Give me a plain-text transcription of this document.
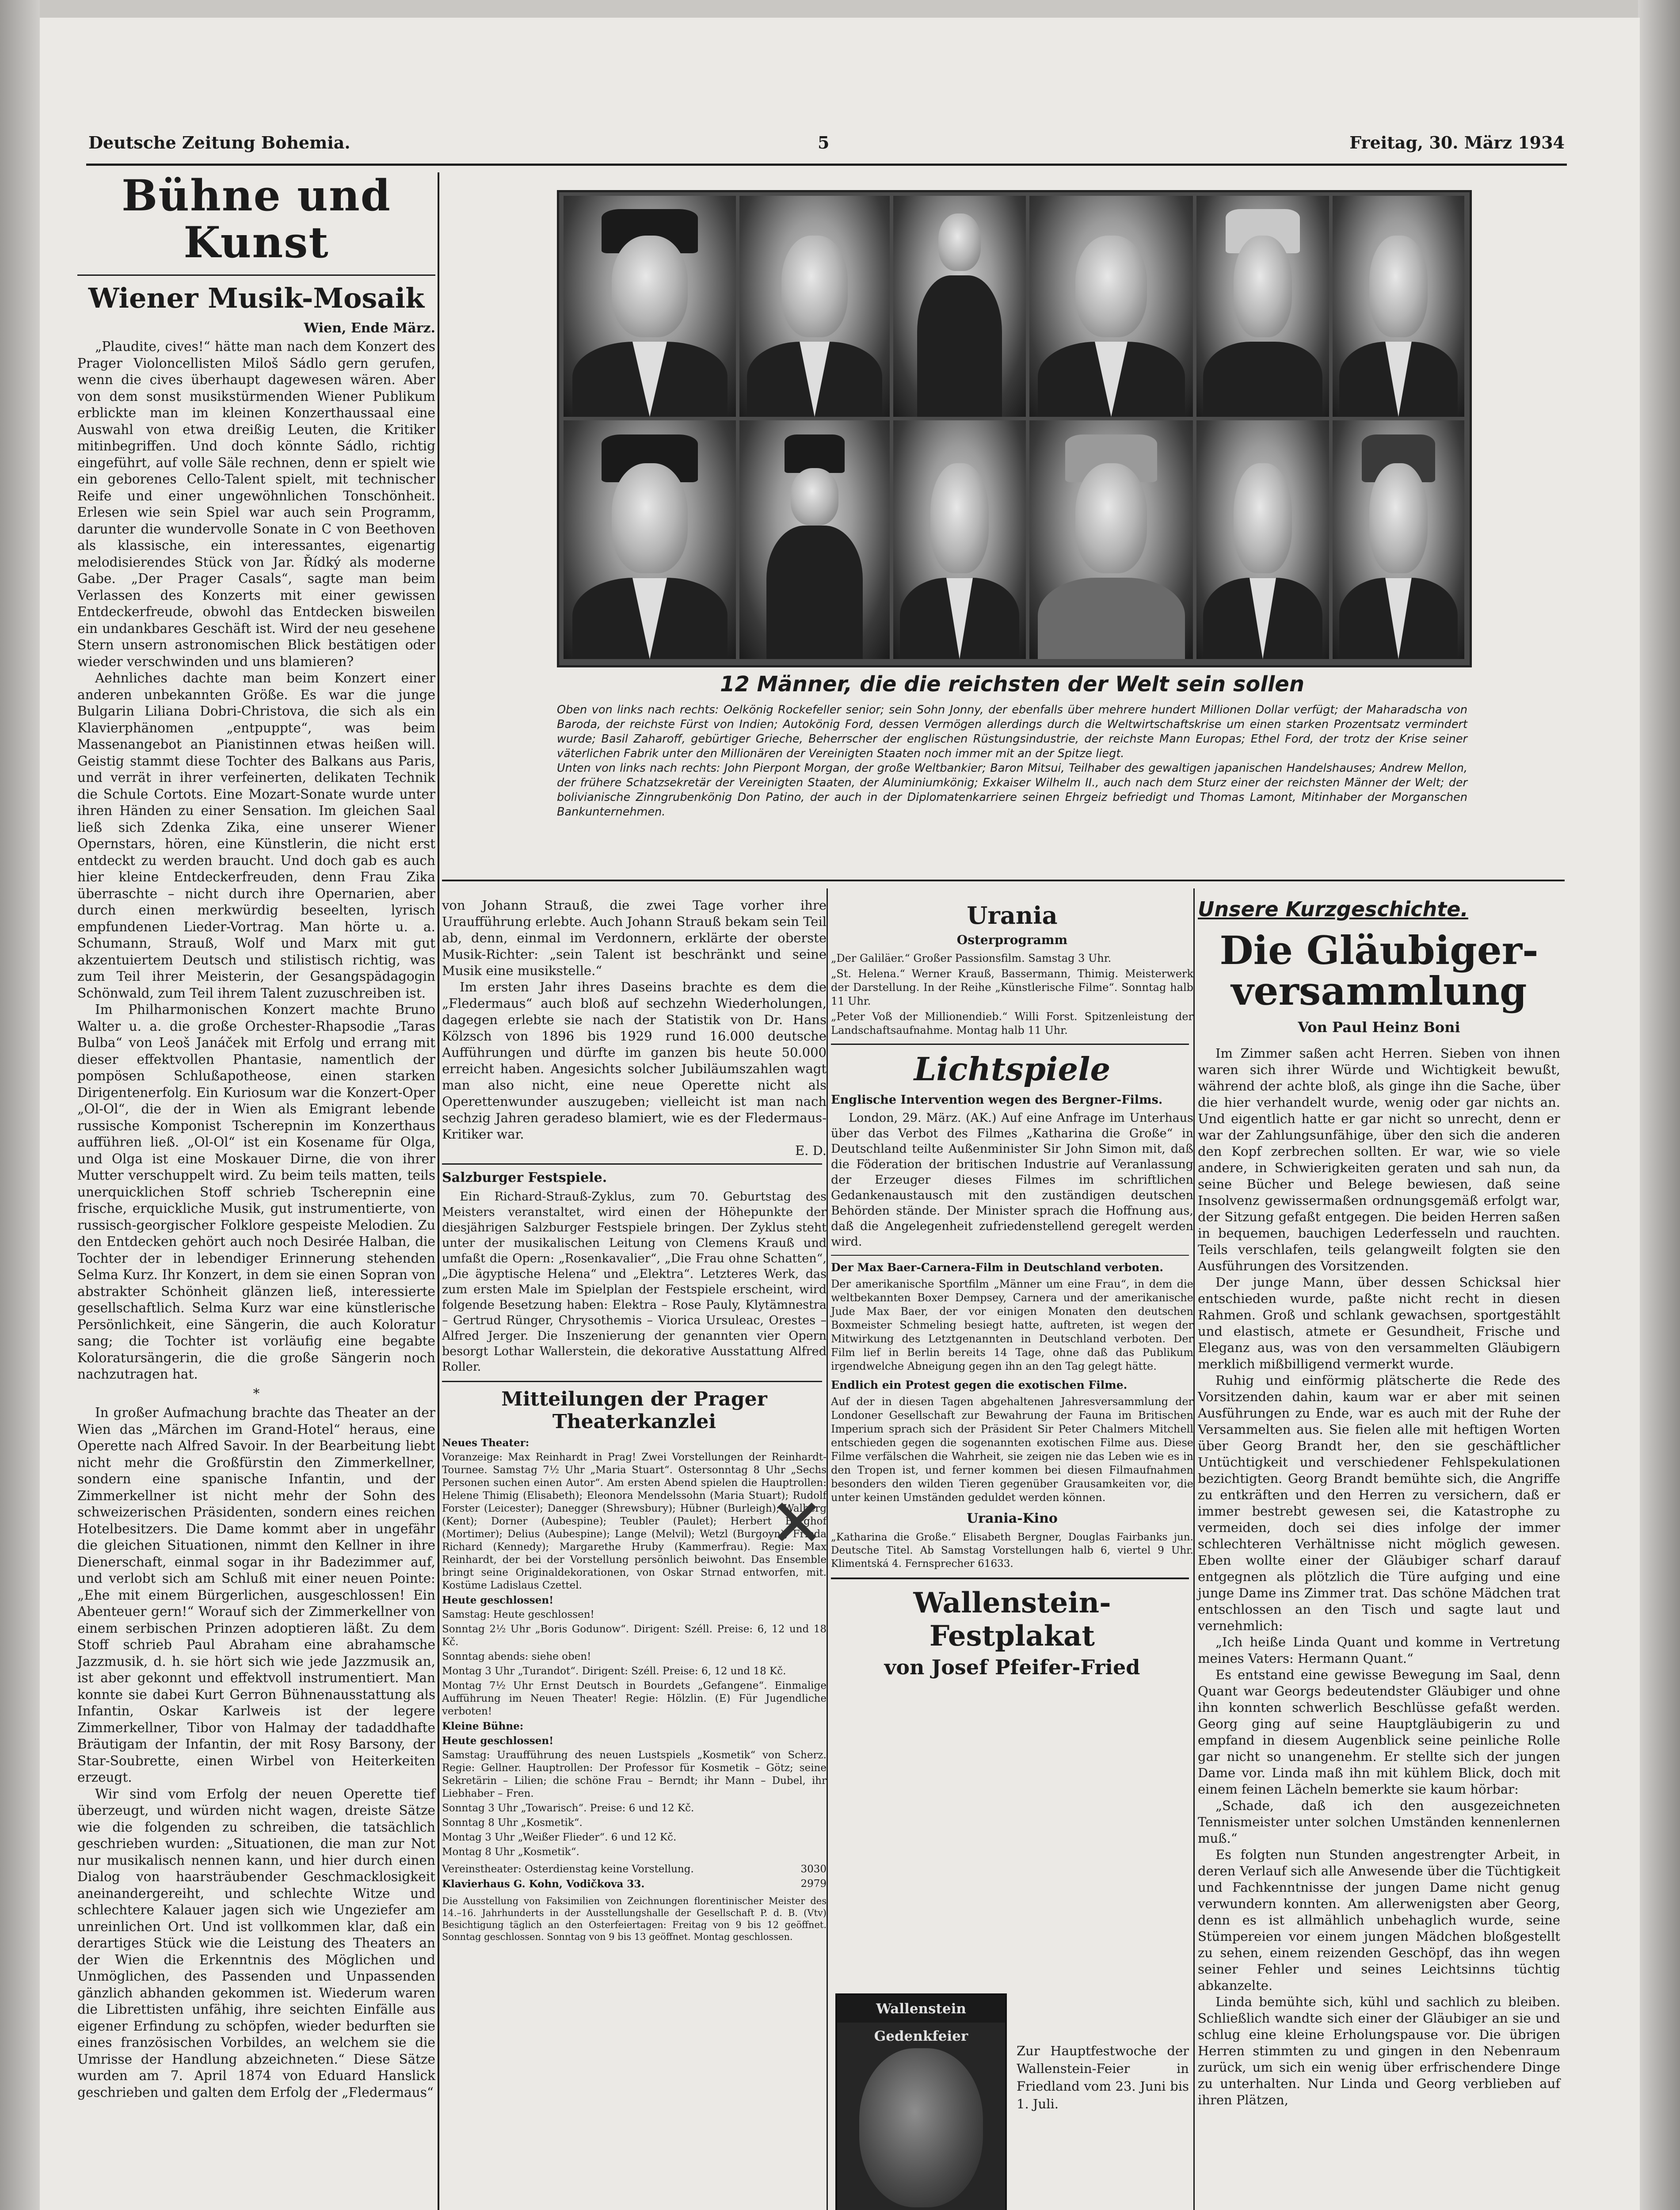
Deutsche Zeitung Bohemia.	5	Freitag, 30. März 1934
Bühne und Kunst
Wiener Musik-Mosaik
Wien, Ende März.

„Plaudite, cives!“ hätte man nach dem Konzert des Prager Violoncellisten Miloš Sádlo gern gerufen, wenn die cives überhaupt dagewesen wären. Aber von dem sonst musikstürmenden Wiener Publikum erblickte man im kleinen Konzerthaussaal eine Auswahl von etwa dreißig Leuten, die Kritiker mitinbegriffen. Und doch könnte Sádlo, richtig eingeführt, auf volle Säle rechnen, denn er spielt wie ein geborenes Cello-Talent spielt, mit technischer Reife und einer ungewöhnlichen Tonschönheit. Erlesen wie sein Spiel war auch sein Programm, darunter die wundervolle Sonate in C von Beethoven als klassische, ein interessantes, eigenartig melodisierendes Stück von Jar. Řídký als moderne Gabe. „Der Prager Casals“, sagte man beim Verlassen des Konzerts mit einer gewissen Entdeckerfreude, obwohl das Entdecken bisweilen ein undankbares Geschäft ist. Wird der neu gesehene Stern unsern astronomischen Blick bestätigen oder wieder verschwinden und uns blamieren?

Aehnliches dachte man beim Konzert einer anderen unbekannten Größe. Es war die junge Bulgarin Liliana Dobri-Christova, die sich als ein Klavierphänomen „entpuppte“, was beim Massenangebot an Pianistinnen etwas heißen will. Geistig stammt diese Tochter des Balkans aus Paris, und verrät in ihrer verfeinerten, delikaten Technik die Schule Cortots. Eine Mozart-Sonate wurde unter ihren Händen zu einer Sensation. Im gleichen Saal ließ sich Zdenka Zika, eine unserer Wiener Opernstars, hören, eine Künstlerin, die nicht erst entdeckt zu werden braucht. Und doch gab es auch hier kleine Entdeckerfreuden, denn Frau Zika überraschte – nicht durch ihre Opernarien, aber durch einen merkwürdig beseelten, lyrisch empfundenen Lieder-Vortrag. Man hörte u. a. Schumann, Strauß, Wolf und Marx mit gut akzentuiertem Deutsch und stilistisch richtig, was zum Teil ihrer Meisterin, der Gesangspädagogin Schönwald, zum Teil ihrem Talent zuzuschreiben ist.

Im Philharmonischen Konzert machte Bruno Walter u. a. die große Orchester-Rhapsodie „Taras Bulba“ von Leoš Janáček mit Erfolg und errang mit dieser effektvollen Phantasie, namentlich der pompösen Schlußapotheose, einen starken Dirigentenerfolg. Ein Kuriosum war die Konzert-Oper „Ol-Ol“, die der in Wien als Emigrant lebende russische Komponist Tscherepnin im Konzerthaus aufführen ließ. „Ol-Ol“ ist ein Kosename für Olga, und Olga ist eine Moskauer Dirne, die von ihrer Mutter verschuppelt wird. Zu beim teils matten, teils unerquicklichen Stoff schrieb Tscherepnin eine frische, erquickliche Musik, gut instrumentierte, von russisch-georgischer Folklore gespeiste Melodien. Zu den Entdecken gehört auch noch Desirée Halban, die Tochter der in lebendiger Erinnerung stehenden Selma Kurz. Ihr Konzert, in dem sie einen Sopran von abstrakter Schönheit glänzen ließ, interessierte gesellschaftlich. Selma Kurz war eine künstlerische Persönlichkeit, eine Sängerin, die auch Koloratur sang; die Tochter ist vorläufig eine begabte Koloratursängerin, die die große Sängerin noch nachzutragen hat.

*

In großer Aufmachung brachte das Theater an der Wien das „Märchen im Grand-Hotel“ heraus, eine Operette nach Alfred Savoir. In der Bearbeitung liebt nicht mehr die Großfürstin den Zimmerkellner, sondern eine spanische Infantin, und der Zimmerkellner ist nicht mehr der Sohn des schweizerischen Präsidenten, sondern eines reichen Hotelbesitzers. Die Dame kommt aber in ungefähr die gleichen Situationen, nimmt den Kellner in ihre Dienerschaft, einmal sogar in ihr Badezimmer auf, und verlobt sich am Schluß mit einer neuen Pointe: „Ehe mit einem Bürgerlichen, ausgeschlossen! Ein Abenteuer gern!“ Worauf sich der Zimmerkellner von einem serbischen Prinzen adoptieren läßt. Zu dem Stoff schrieb Paul Abraham eine abrahamsche Jazzmusik, d. h. sie hört sich wie jede Jazzmusik an, ist aber gekonnt und effektvoll instrumentiert. Man konnte sie dabei Kurt Gerron Bühnenausstattung als Infantin, Oskar Karlweis ist der legere Zimmerkellner, Tibor von Halmay der tadaddhafte Bräutigam der Infantin, der mit Rosy Barsony, der Star-Soubrette, einen Wirbel von Heiterkeiten erzeugt.

Wir sind vom Erfolg der neuen Operette tief überzeugt, und würden nicht wagen, dreiste Sätze wie die folgenden zu schreiben, die tatsächlich geschrieben wurden: „Situationen, die man zur Not nur musikalisch nennen kann, und hier durch einen Dialog von haarsträubender Geschmacklosigkeit aneinandergereiht, und schlechte Witze und schlechtere Kalauer jagen sich wie Ungeziefer am unreinlichen Ort. Und ist vollkommen klar, daß ein derartiges Stück wie die Leistung des Theaters an der Wien die Erkenntnis des Möglichen und Unmöglichen, des Passenden und Unpassenden gänzlich abhanden gekommen ist. Wiederum waren die Librettisten unfähig, ihre seichten Einfälle aus eigener Erfindung zu schöpfen, wieder bedurften sie eines französischen Vorbildes, an welchem sie die Umrisse der Handlung abzeichneten.“ Diese Sätze wurden am 7. April 1874 von Eduard Hanslick geschrieben und galten dem Erfolg der „Fledermaus“

12 Männer, die die reichsten der Welt sein sollen

Oben von links nach rechts: Oelkönig Rockefeller senior; sein Sohn Jonny, der ebenfalls über mehrere hundert Millionen Dollar verfügt; der Maharadscha von Baroda, der reichste Fürst von Indien; Autokönig Ford, dessen Vermögen allerdings durch die Weltwirtschaftskrise um einen starken Prozentsatz vermindert wurde; Basil Zaharoff, gebürtiger Grieche, Beherrscher der englischen Rüstungsindustrie, der reichste Mann Europas; Ethel Ford, der trotz der Krise seiner väterlichen Fabrik unter den Millionären der Vereinigten Staaten noch immer mit an der Spitze liegt.

Unten von links nach rechts: John Pierpont Morgan, der große Weltbankier; Baron Mitsui, Teilhaber des gewaltigen japanischen Handelshauses; Andrew Mellon, der frühere Schatzsekretär der Vereinigten Staaten, der Aluminiumkönig; Exkaiser Wilhelm II., auch nach dem Sturz einer der reichsten Männer der Welt; der bolivianische Zinngrubenkönig Don Patino, der auch in der Diplomatenkarriere seinen Ehrgeiz befriedigt und Thomas Lamont, Mitinhaber der Morganschen Bankunternehmen.

von Johann Strauß, die zwei Tage vorher ihre Uraufführung erlebte. Auch Johann Strauß bekam sein Teil ab, denn, einmal im Verdonnern, erklärte der oberste Musik-Richter: „sein Talent ist beschränkt und seine Musik eine musikstelle.“

Im ersten Jahr ihres Daseins brachte es dem die „Fledermaus“ auch bloß auf sechzehn Wiederholungen, dagegen erlebte sie nach der Statistik von Dr. Hans Kölzsch von 1896 bis 1929 rund 16.000 deutsche Aufführungen und dürfte im ganzen bis heute 50.000 erreicht haben. Angesichts solcher Jubiläumszahlen wagt man also nicht, eine neue Operette nicht als Operettenwunder auszugeben; vielleicht ist man nach sechzig Jahren geradeso blamiert, wie es der Fledermaus-Kritiker war.

E. D.

Salzburger Festspiele.

Ein Richard-Strauß-Zyklus, zum 70. Geburtstag des Meisters veranstaltet, wird einen der Höhepunkte der diesjährigen Salzburger Festspiele bringen. Der Zyklus steht unter der musikalischen Leitung von Clemens Krauß und umfaßt die Opern: „Rosenkavalier“, „Die Frau ohne Schatten“, „Die ägyptische Helena“ und „Elektra“. Letzteres Werk, das zum ersten Male im Spielplan der Festspiele erscheint, wird folgende Besetzung haben: Elektra – Rose Pauly, Klytämnestra – Gertrud Rünger, Chrysothemis – Viorica Ursuleac, Orestes – Alfred Jerger. Die Inszenierung der genannten vier Opern besorgt Lothar Wallerstein, die dekorative Ausstattung Alfred Roller.

Mitteilungen der Prager Theaterkanzlei

Neues Theater:

Voranzeige: Max Reinhardt in Prag! Zwei Vorstellungen der Reinhardt-Tournee. Samstag 7½ Uhr „Maria Stuart“. Ostersonntag 8 Uhr „Sechs Personen suchen einen Autor“. Am ersten Abend spielen die Hauptrollen: Helene Thimig (Elisabeth); Eleonora Mendelssohn (Maria Stuart); Rudolf Forster (Leicester); Danegger (Shrewsbury); Hübner (Burleigh); Walberg (Kent); Dorner (Aubespine); Teubler (Paulet); Herbert Berghof (Mortimer); Delius (Aubespine); Lange (Melvil); Wetzl (Burgoyn); Frieda Richard (Kennedy); Margarethe Hruby (Kammerfrau). Regie: Max Reinhardt, der bei der Vorstellung persönlich beiwohnt. Das Ensemble bringt seine Originaldekorationen, von Oskar Strnad entworfen, mit. Kostüme Ladislaus Czettel.

Heute geschlossen!

Samstag: Heute geschlossen!

Sonntag 2½ Uhr „Boris Godunow“. Dirigent: Széll. Preise: 6, 12 und 18 Kč.

Sonntag abends: siehe oben!

Montag 3 Uhr „Turandot“. Dirigent: Széll. Preise: 6, 12 und 18 Kč.

Montag 7½ Uhr Ernst Deutsch in Bourdets „Gefangene“. Einmalige Aufführung im Neuen Theater! Regie: Hölzlin. (E) Für Jugendliche verboten!

Kleine Bühne:

Heute geschlossen!

Samstag: Uraufführung des neuen Lustspiels „Kosmetik“ von Scherz. Regie: Gellner. Hauptrollen: Der Professor für Kosmetik – Götz; seine Sekretärin – Lilien; die schöne Frau – Berndt; ihr Mann – Dubel, ihr Liebhaber – Fren.

Sonntag 3 Uhr „Towarisch“. Preise: 6 und 12 Kč.

Sonntag 8 Uhr „Kosmetik“.

Montag 3 Uhr „Weißer Flieder“. 6 und 12 Kč.

Montag 8 Uhr „Kosmetik“.

Vereinstheater: Osterdienstag keine Vorstellung.	3030

Klavierhaus G. Kohn, Vodičkova 33.	2979

Die Ausstellung von Faksimilien von Zeichnungen florentinischer Meister des 14.–16. Jahrhunderts in der Ausstellungshalle der Gesellschaft P. d. B. (Vtv) Besichtigung täglich an den Osterfeiertagen: Freitag von 9 bis 12 geöffnet. Sonntag geschlossen. Sonntag von 9 bis 13 geöffnet. Montag geschlossen.

✕
Urania
Osterprogramm

„Der Galiläer.“ Großer Passionsfilm. Samstag 3 Uhr.

„St. Helena.“ Werner Krauß, Bassermann, Thimig. Meisterwerk der Darstellung. In der Reihe „Künstlerische Filme“. Sonntag halb 11 Uhr.

„Peter Voß der Millionendieb.“ Willi Forst. Spitzenleistung der Landschaftsaufnahme. Montag halb 11 Uhr.

Lichtspiele
Englische Intervention wegen des Bergner-Films.

London, 29. März. (AK.) Auf eine Anfrage im Unterhaus über das Verbot des Filmes „Katharina die Große“ in Deutschland teilte Außenminister Sir John Simon mit, daß die Föderation der britischen Industrie auf Veranlassung der Erzeuger dieses Filmes im schriftlichen Gedankenaustausch mit den zuständigen deutschen Behörden stände. Der Minister sprach die Hoffnung aus, daß die Angelegenheit zufriedenstellend geregelt werden wird.

Der Max Baer-Carnera-Film in Deutschland verboten.

Der amerikanische Sportfilm „Männer um eine Frau“, in dem die weltbekannten Boxer Dempsey, Carnera und der amerikanische Jude Max Baer, der vor einigen Monaten den deutschen Boxmeister Schmeling besiegt hatte, auftreten, ist wegen der Mitwirkung des Letztgenannten in Deutschland verboten. Der Film lief in Berlin bereits 14 Tage, ohne daß das Publikum irgendwelche Abneigung gegen ihn an den Tag gelegt hätte.

Endlich ein Protest gegen die exotischen Filme.

Auf der in diesen Tagen abgehaltenen Jahresversammlung der Londoner Gesellschaft zur Bewahrung der Fauna im Britischen Imperium sprach sich der Präsident Sir Peter Chalmers Mitchell entschieden gegen die sogenannten exotischen Filme aus. Diese Filme verfälschen die Wahrheit, sie zeigen nie das Leben wie es in den Tropen ist, und ferner kommen bei diesen Filmaufnahmen besonders den wilden Tieren gegenüber Grausamkeiten vor, die unter keinen Umständen geduldet werden können.

Urania-Kino

„Katharina die Große.“ Elisabeth Bergner, Douglas Fairbanks jun. Deutsche Titel. Ab Samstag Vorstellungen halb 6, viertel 9 Uhr. Klimentská 4. Fernsprecher 61633.

Wallenstein-Festplakat
von Josef Pfeifer-Fried
Wallenstein Gedenkfeier

Zur Hauptfestwoche der Wallenstein-Feier in Friedland vom 23. Juni bis 1. Juli.

Unsere Kurzgeschichte.
Die Gläubiger-
versammlung
Von Paul Heinz Boni

Im Zimmer saßen acht Herren. Sieben von ihnen waren sich ihrer Würde und Wichtigkeit bewußt, während der achte bloß, als ginge ihn die Sache, über die hier verhandelt wurde, wenig oder gar nichts an. Und eigentlich hatte er gar nicht so unrecht, denn er war der Zahlungsunfähige, über den sich die anderen den Kopf zerbrechen sollten. Er war, wie so viele andere, in Schwierigkeiten geraten und sah nun, da seine Bücher und Belege bewiesen, daß seine Insolvenz gewissermaßen ordnungsgemäß erfolgt war, der Sitzung gefaßt entgegen. Die beiden Herren saßen in bequemen, bauchigen Lederfesseln und rauchten. Teils verschlafen, teils gelangweilt folgten sie den Ausführungen des Vorsitzenden.

Der junge Mann, über dessen Schicksal hier entschieden wurde, paßte nicht recht in diesen Rahmen. Groß und schlank gewachsen, sportgestählt und elastisch, atmete er Gesundheit, Frische und Eleganz aus, was von den versammelten Gläubigern merklich mißbilligend vermerkt wurde.

Ruhig und einförmig plätscherte die Rede des Vorsitzenden dahin, kaum war er aber mit seinen Ausführungen zu Ende, war es auch mit der Ruhe der Versammelten aus. Sie fielen alle mit heftigen Worten über Georg Brandt her, den sie geschäftlicher Untüchtigkeit und verschiedener Fehlspekulationen bezichtigten. Georg Brandt bemühte sich, die Angriffe zu entkräften und den Herren zu versichern, daß er immer bestrebt gewesen sei, die Katastrophe zu vermeiden, doch sei dies infolge der immer schlechteren Verhältnisse nicht möglich gewesen. Eben wollte einer der Gläubiger scharf darauf entgegnen als plötzlich die Türe aufging und eine junge Dame ins Zimmer trat. Das schöne Mädchen trat entschlossen an den Tisch und sagte laut und vernehmlich:

„Ich heiße Linda Quant und komme in Vertretung meines Vaters: Hermann Quant.“

Es entstand eine gewisse Bewegung im Saal, denn Quant war Georgs bedeutendster Gläubiger und ohne ihn konnten schwerlich Beschlüsse gefaßt werden. Georg ging auf seine Hauptgläubigerin zu und empfand in diesem Augenblick seine peinliche Rolle gar nicht so unangenehm. Er stellte sich der jungen Dame vor. Linda maß ihn mit kühlem Blick, doch mit einem feinen Lächeln bemerkte sie kaum hörbar:

„Schade, daß ich den ausgezeichneten Tennismeister unter solchen Umständen kennenlernen muß.“

Es folgten nun Stunden angestrengter Arbeit, in deren Verlauf sich alle Anwesende über die Tüchtigkeit und Fachkenntnisse der jungen Dame nicht genug verwundern konnten. Am allerwenigsten aber Georg, denn es ist allmählich unbehaglich wurde, seine Stümpereien vor einem jungen Mädchen bloßgestellt zu sehen, einem reizenden Geschöpf, das ihn wegen seiner Fehler und seines Leichtsinns tüchtig abkanzelte.

Linda bemühte sich, kühl und sachlich zu bleiben. Schließlich wandte sich einer der Gläubiger an sie und schlug eine kleine Erholungspause vor. Die übrigen Herren stimmten zu und gingen in den Nebenraum zurück, um sich ein wenig über erfrischendere Dinge zu unterhalten. Nur Linda und Georg verblieben auf ihren Plätzen,
